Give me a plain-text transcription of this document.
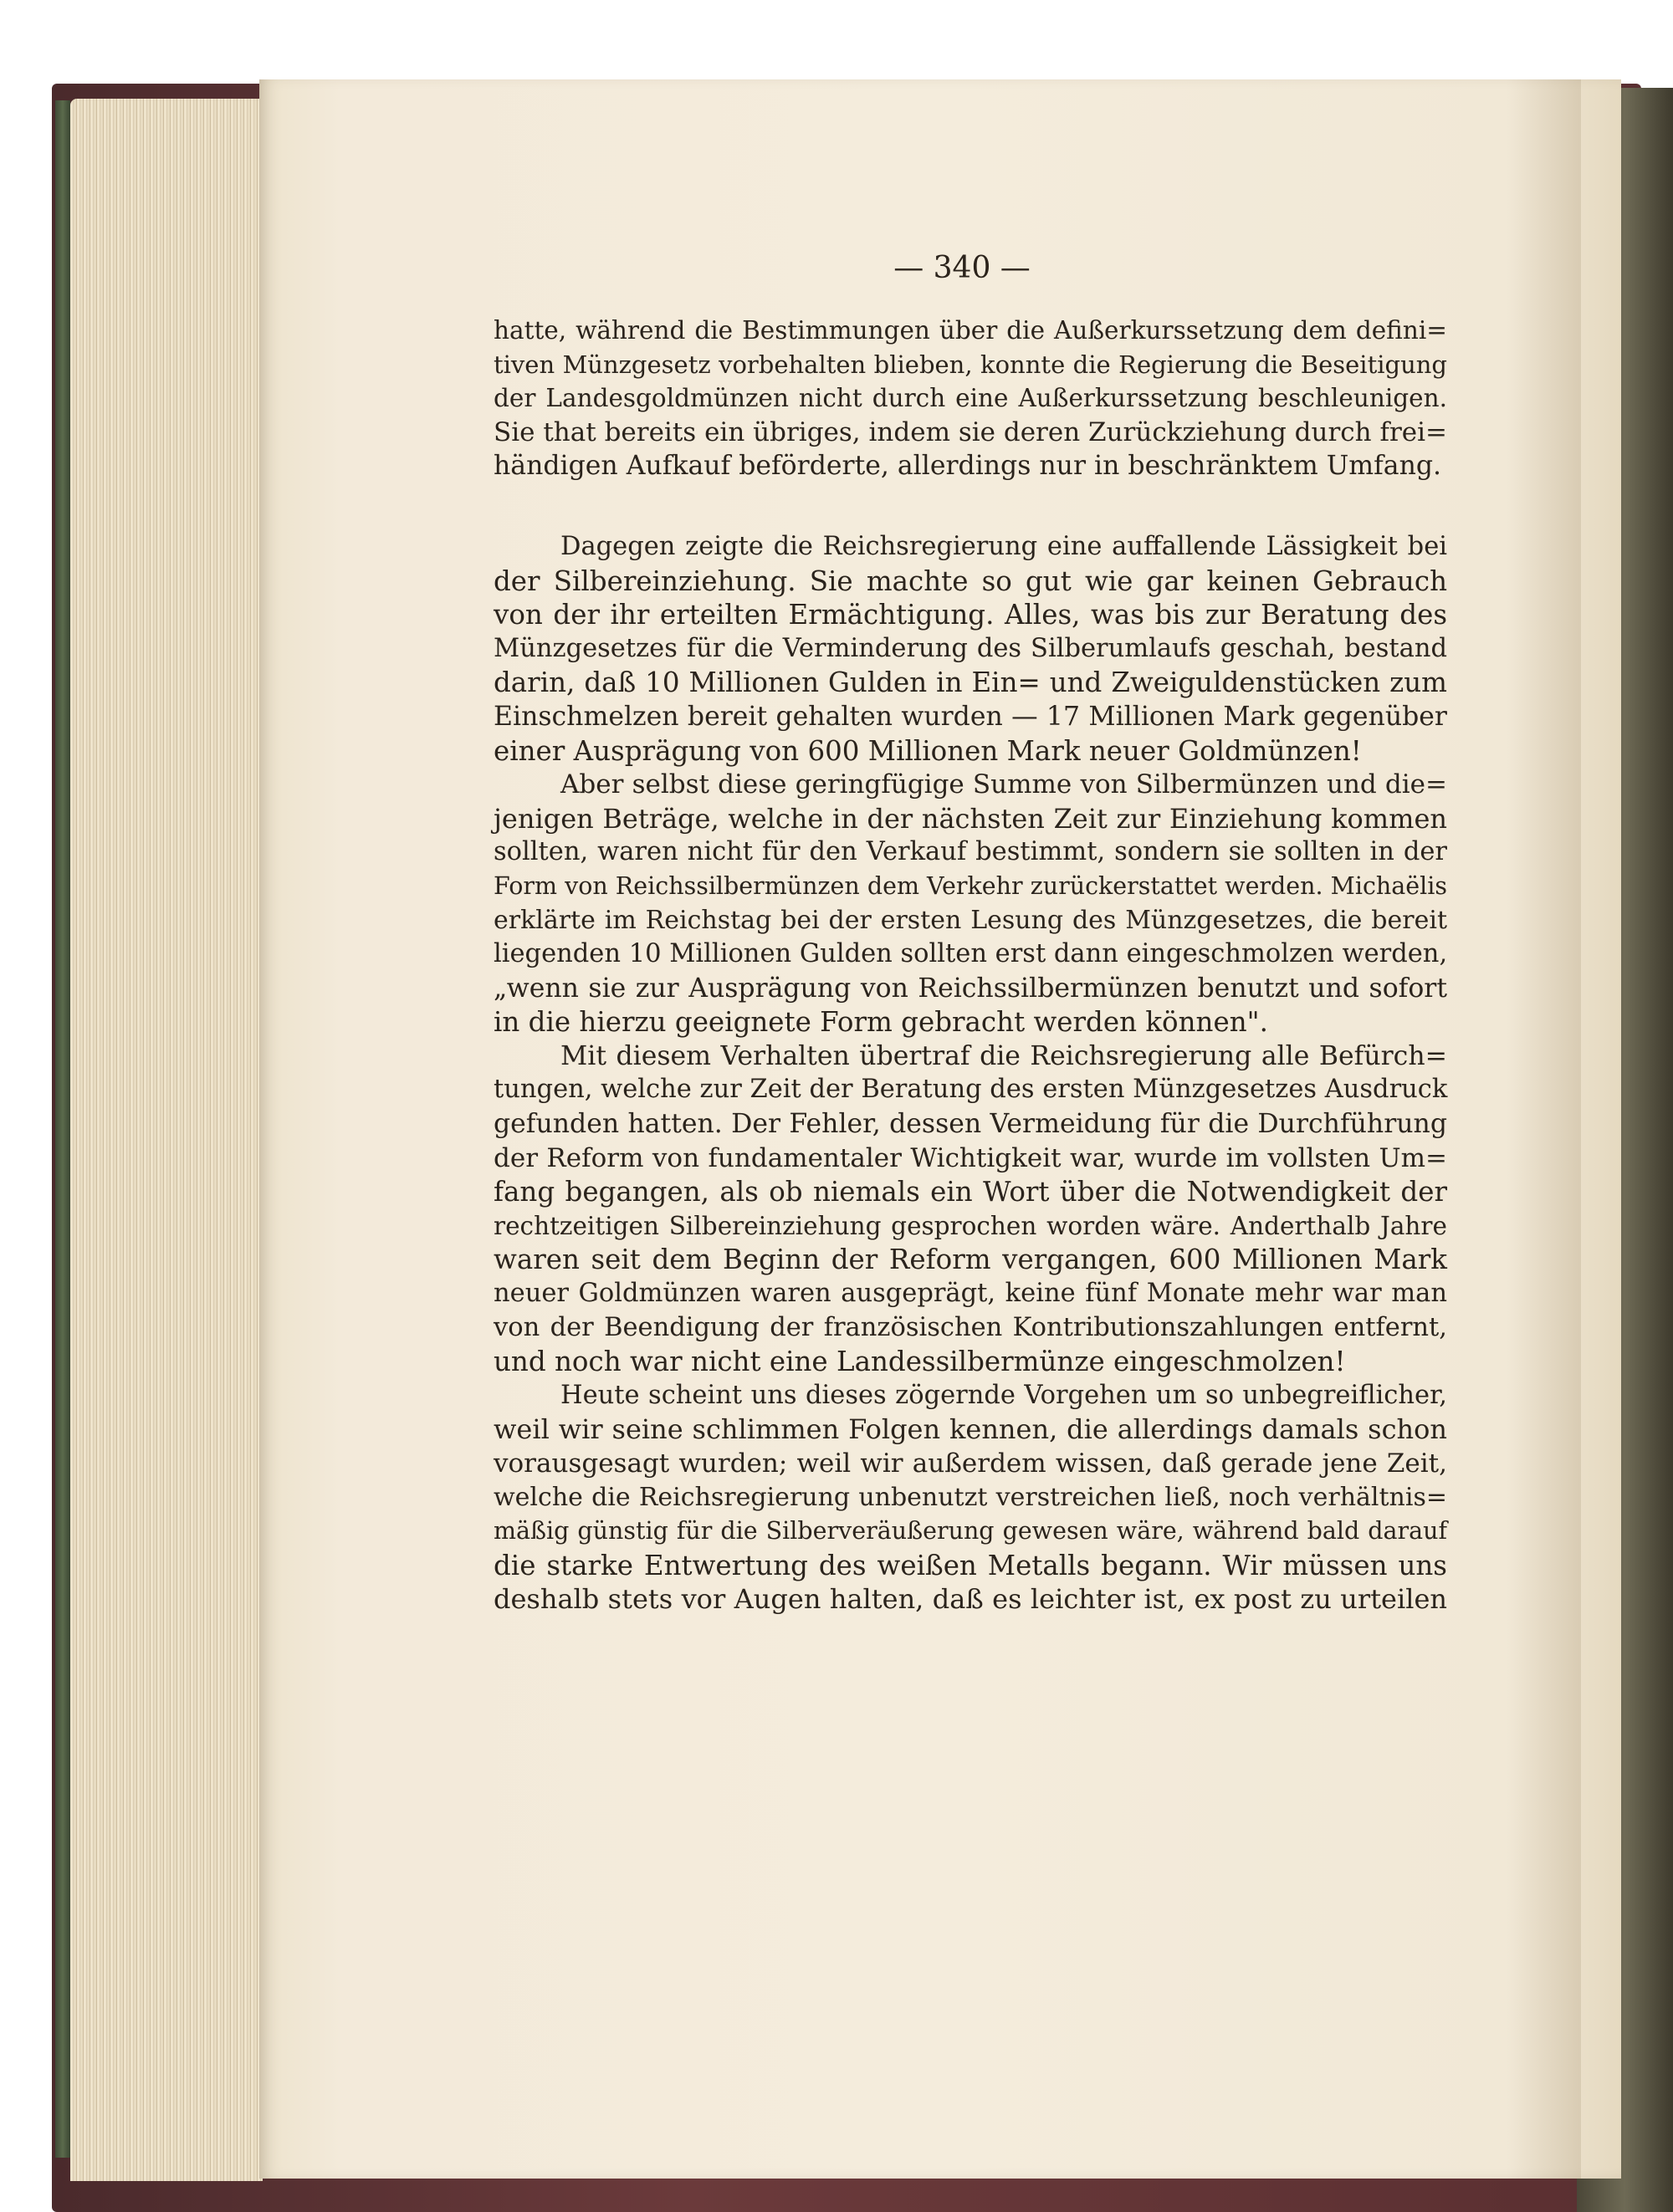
— 340 —
hatte, während die Bestimmungen über die Außerkurssetzung dem defini=
tiven Münzgesetz vorbehalten blieben, konnte die Regierung die Beseitigung
der Landesgoldmünzen nicht durch eine Außerkurssetzung beschleunigen.
Sie that bereits ein übriges, indem sie deren Zurückziehung durch frei=
händigen Aufkauf beförderte, allerdings nur in beschränktem Umfang.
Dagegen zeigte die Reichsregierung eine auffallende Lässigkeit bei
der Silbereinziehung. Sie machte so gut wie gar keinen Gebrauch
von der ihr erteilten Ermächtigung. Alles, was bis zur Beratung des
Münzgesetzes für die Verminderung des Silberumlaufs geschah, bestand
darin, daß 10 Millionen Gulden in Ein= und Zweiguldenstücken zum
Einschmelzen bereit gehalten wurden — 17 Millionen Mark gegenüber
einer Ausprägung von 600 Millionen Mark neuer Goldmünzen!
Aber selbst diese geringfügige Summe von Silbermünzen und die=
jenigen Beträge, welche in der nächsten Zeit zur Einziehung kommen
sollten, waren nicht für den Verkauf bestimmt, sondern sie sollten in der
Form von Reichssilbermünzen dem Verkehr zurückerstattet werden. Michaëlis
erklärte im Reichstag bei der ersten Lesung des Münzgesetzes, die bereit
liegenden 10 Millionen Gulden sollten erst dann eingeschmolzen werden,
„wenn sie zur Ausprägung von Reichssilbermünzen benutzt und sofort
in die hierzu geeignete Form gebracht werden können".
Mit diesem Verhalten übertraf die Reichsregierung alle Befürch=
tungen, welche zur Zeit der Beratung des ersten Münzgesetzes Ausdruck
gefunden hatten. Der Fehler, dessen Vermeidung für die Durchführung
der Reform von fundamentaler Wichtigkeit war, wurde im vollsten Um=
fang begangen, als ob niemals ein Wort über die Notwendigkeit der
rechtzeitigen Silbereinziehung gesprochen worden wäre. Anderthalb Jahre
waren seit dem Beginn der Reform vergangen, 600 Millionen Mark
neuer Goldmünzen waren ausgeprägt, keine fünf Monate mehr war man
von der Beendigung der französischen Kontributionszahlungen entfernt,
und noch war nicht eine Landessilbermünze eingeschmolzen!
Heute scheint uns dieses zögernde Vorgehen um so unbegreiflicher,
weil wir seine schlimmen Folgen kennen, die allerdings damals schon
vorausgesagt wurden; weil wir außerdem wissen, daß gerade jene Zeit,
welche die Reichsregierung unbenutzt verstreichen ließ, noch verhältnis=
mäßig günstig für die Silberveräußerung gewesen wäre, während bald darauf
die starke Entwertung des weißen Metalls begann. Wir müssen uns
deshalb stets vor Augen halten, daß es leichter ist, ex post zu urteilen
